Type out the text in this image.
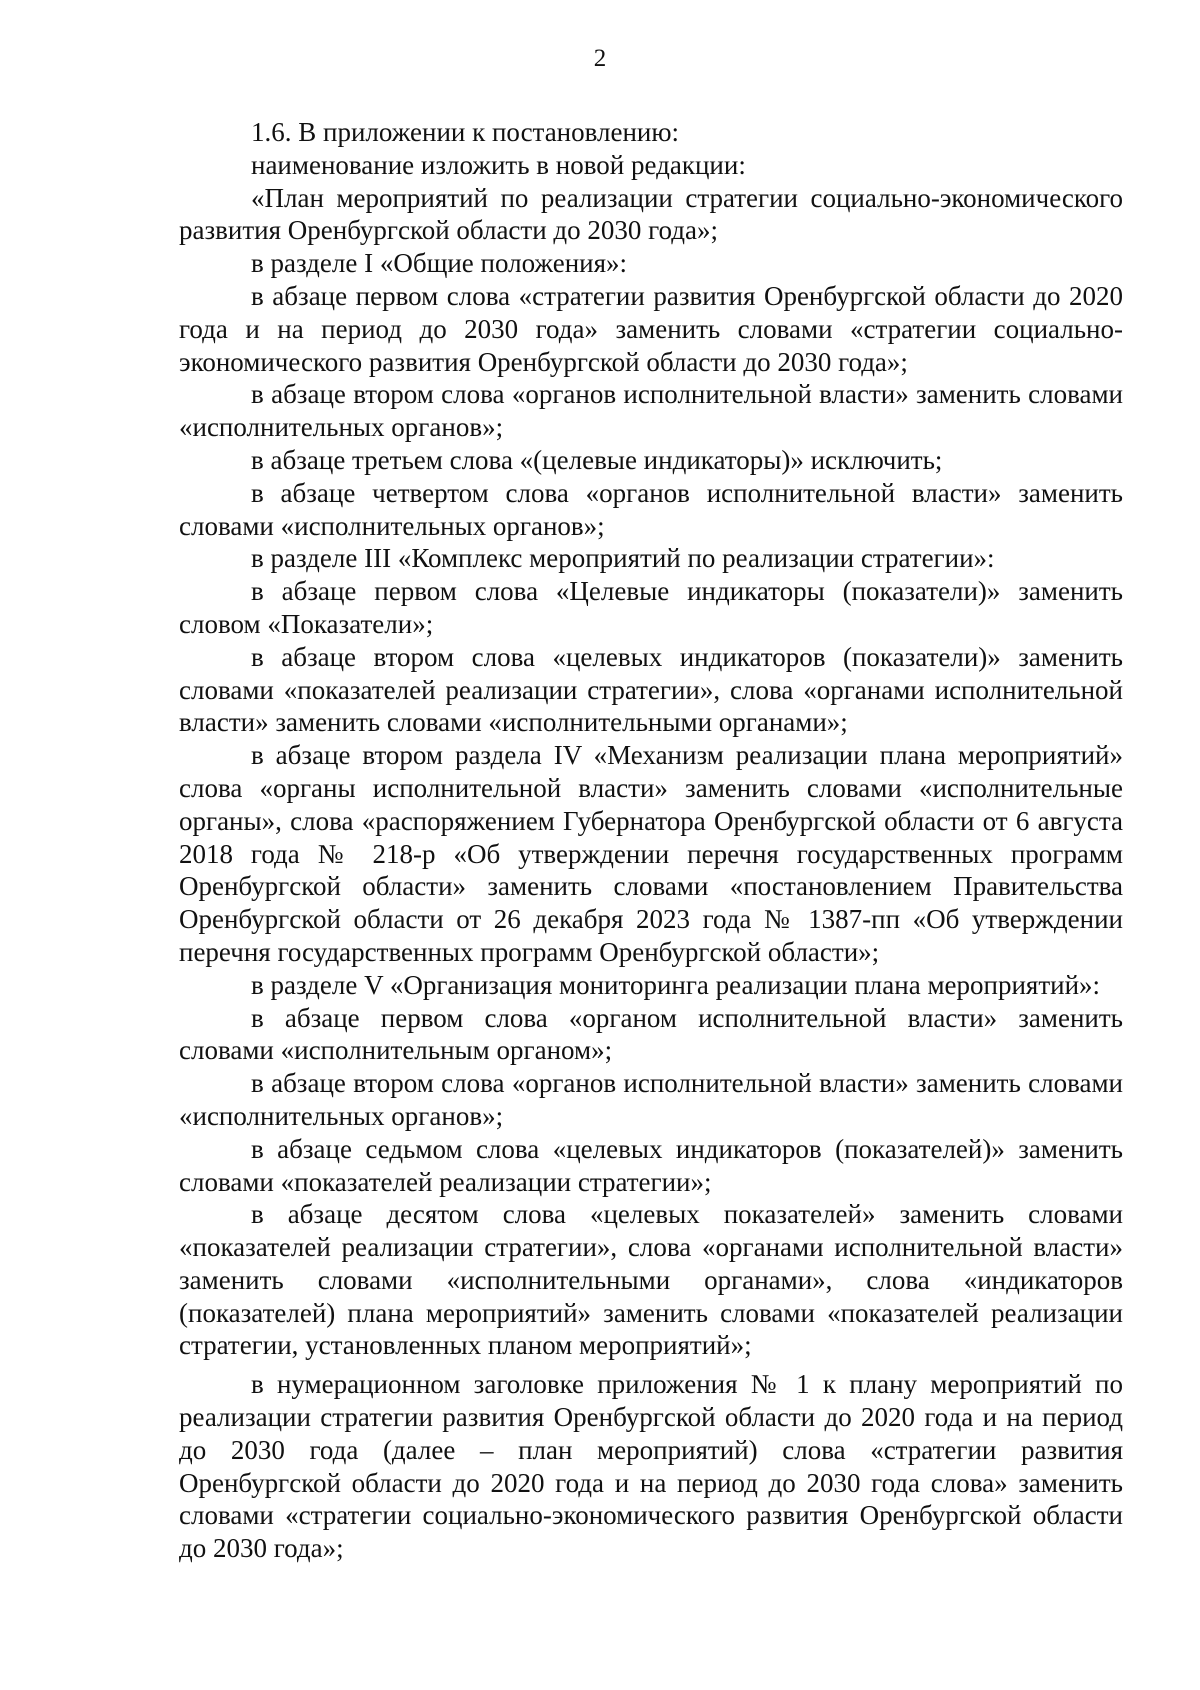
2

1.6. В приложении к постановлению:

наименование изложить в новой редакции:

«План мероприятий по реализации стратегии социально-экономического развития Оренбургской области до 2030 года»;

в разделе I «Общие положения»:

в абзаце первом слова «стратегии развития Оренбургской области до 2020 года и на период до 2030 года» заменить словами «стратегии социально-экономического развития Оренбургской области до 2030 года»;

в абзаце втором слова «органов исполнительной власти» заменить словами «исполнительных органов»;

в абзаце третьем слова «(целевые индикаторы)» исключить;

в абзаце четвертом слова «органов исполнительной власти» заменить словами «исполнительных органов»;

в разделе III «Комплекс мероприятий по реализации стратегии»:

в абзаце первом слова «Целевые индикаторы (показатели)» заменить словом «Показатели»;

в абзаце втором слова «целевых индикаторов (показатели)» заменить словами «показателей реализации стратегии», слова «органами исполнительной власти» заменить словами «исполнительными органами»;

в абзаце втором раздела IV «Механизм реализации плана мероприятий» слова «органы исполнительной власти» заменить словами «исполнительные органы», слова «распоряжением Губернатора Оренбургской области от 6 августа 2018 года № 218-р «Об утверждении перечня государственных программ Оренбургской области» заменить словами «постановлением Правительства Оренбургской области от 26 декабря 2023 года № 1387-пп «Об утверждении перечня государственных программ Оренбургской области»;

в разделе V «Организация мониторинга реализации плана мероприятий»:

в абзаце первом слова «органом исполнительной власти» заменить словами «исполнительным органом»;

в абзаце втором слова «органов исполнительной власти» заменить словами «исполнительных органов»;

в абзаце седьмом слова «целевых индикаторов (показателей)» заменить словами «показателей реализации стратегии»;

в абзаце десятом слова «целевых показателей» заменить словами «показателей реализации стратегии», слова «органами исполнительной власти» заменить словами «исполнительными органами», слова «индикаторов (показателей) плана мероприятий» заменить словами «показателей реализации стратегии, установленных планом мероприятий»;

в нумерационном заголовке приложения № 1 к плану мероприятий по реализации стратегии развития Оренбургской области до 2020 года и на период до 2030 года (далее – план мероприятий) слова «стратегии развития Оренбургской области до 2020 года и на период до 2030 года слова» заменить словами «стратегии социально-экономического развития Оренбургской области до 2030 года»;
